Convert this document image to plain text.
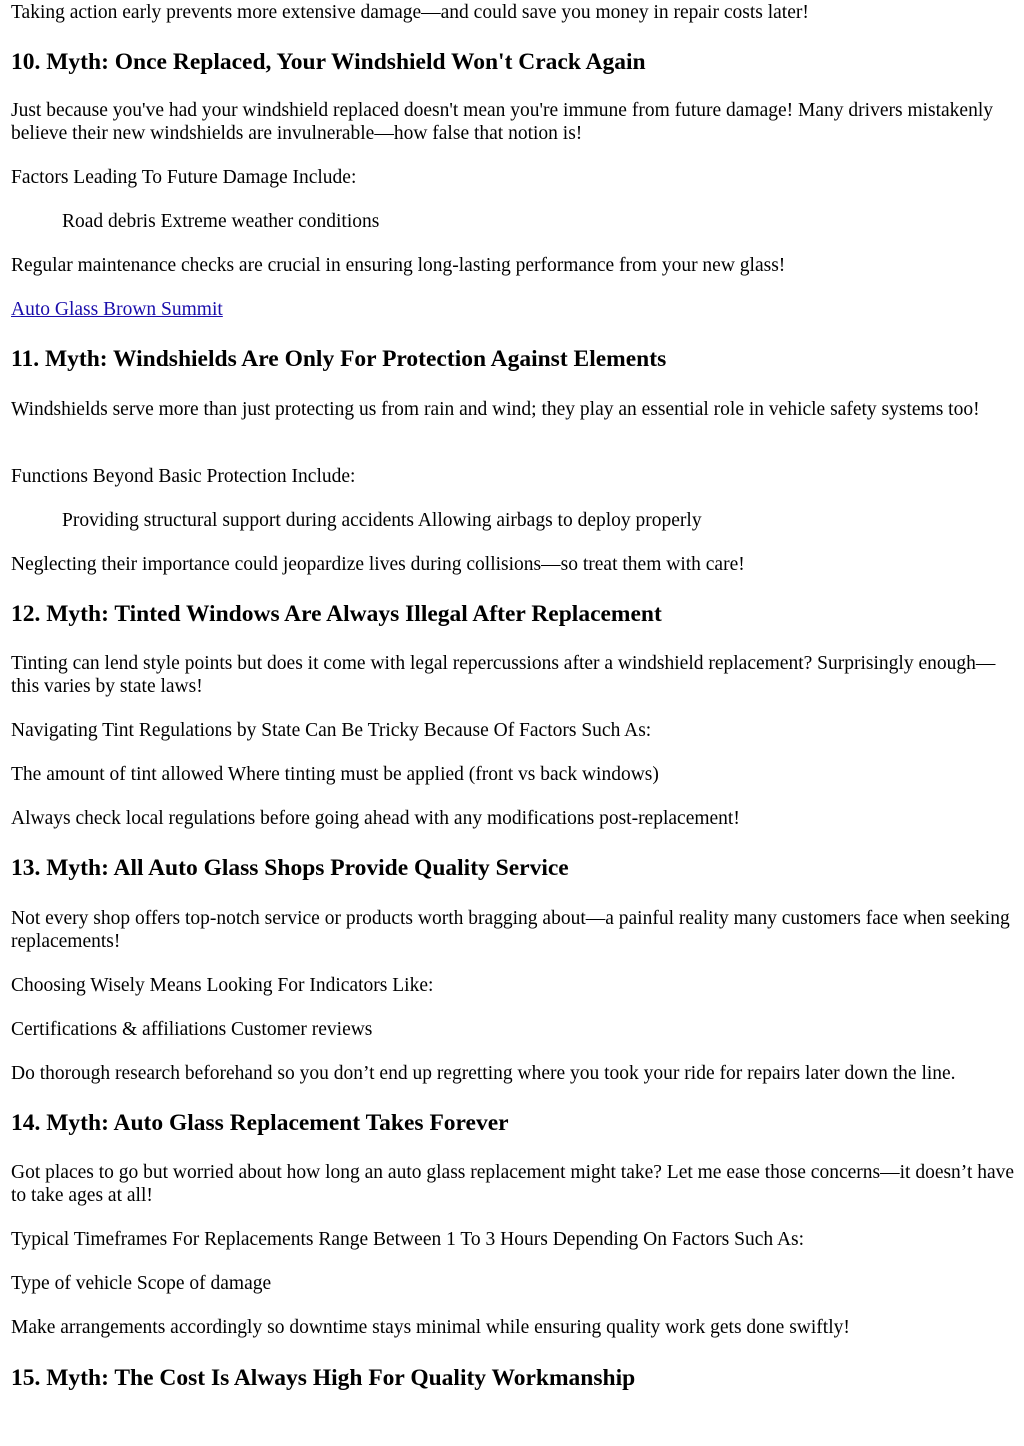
Taking action early prevents more extensive damage—and could save you money in repair costs later!

10. Myth: Once Replaced, Your Windshield Won't Crack Again

Just because you've had your windshield replaced doesn't mean you're immune from future damage! Many drivers mistakenly believe their new windshields are invulnerable—how false that notion is!

Factors Leading To Future Damage Include:

Road debris Extreme weather conditions

Regular maintenance checks are crucial in ensuring long-lasting performance from your new glass!

Auto Glass Brown Summit

11. Myth: Windshields Are Only For Protection Against Elements

Windshields serve more than just protecting us from rain and wind; they play an essential role in vehicle safety systems too!

Functions Beyond Basic Protection Include:

Providing structural support during accidents Allowing airbags to deploy properly

Neglecting their importance could jeopardize lives during collisions—so treat them with care!

12. Myth: Tinted Windows Are Always Illegal After Replacement

Tinting can lend style points but does it come with legal repercussions after a windshield replacement? Surprisingly enough—this varies by state laws!

Navigating Tint Regulations by State Can Be Tricky Because Of Factors Such As:

The amount of tint allowed Where tinting must be applied (front vs back windows)

Always check local regulations before going ahead with any modifications post-replacement!

13. Myth: All Auto Glass Shops Provide Quality Service

Not every shop offers top-notch service or products worth bragging about—a painful reality many customers face when seeking replacements!

Choosing Wisely Means Looking For Indicators Like:

Certifications & affiliations Customer reviews

Do thorough research beforehand so you don’t end up regretting where you took your ride for repairs later down the line.

14. Myth: Auto Glass Replacement Takes Forever

Got places to go but worried about how long an auto glass replacement might take? Let me ease those concerns—it doesn’t have to take ages at all!

Typical Timeframes For Replacements Range Between 1 To 3 Hours Depending On Factors Such As:

Type of vehicle Scope of damage

Make arrangements accordingly so downtime stays minimal while ensuring quality work gets done swiftly!

15. Myth: The Cost Is Always High For Quality Workmanship
